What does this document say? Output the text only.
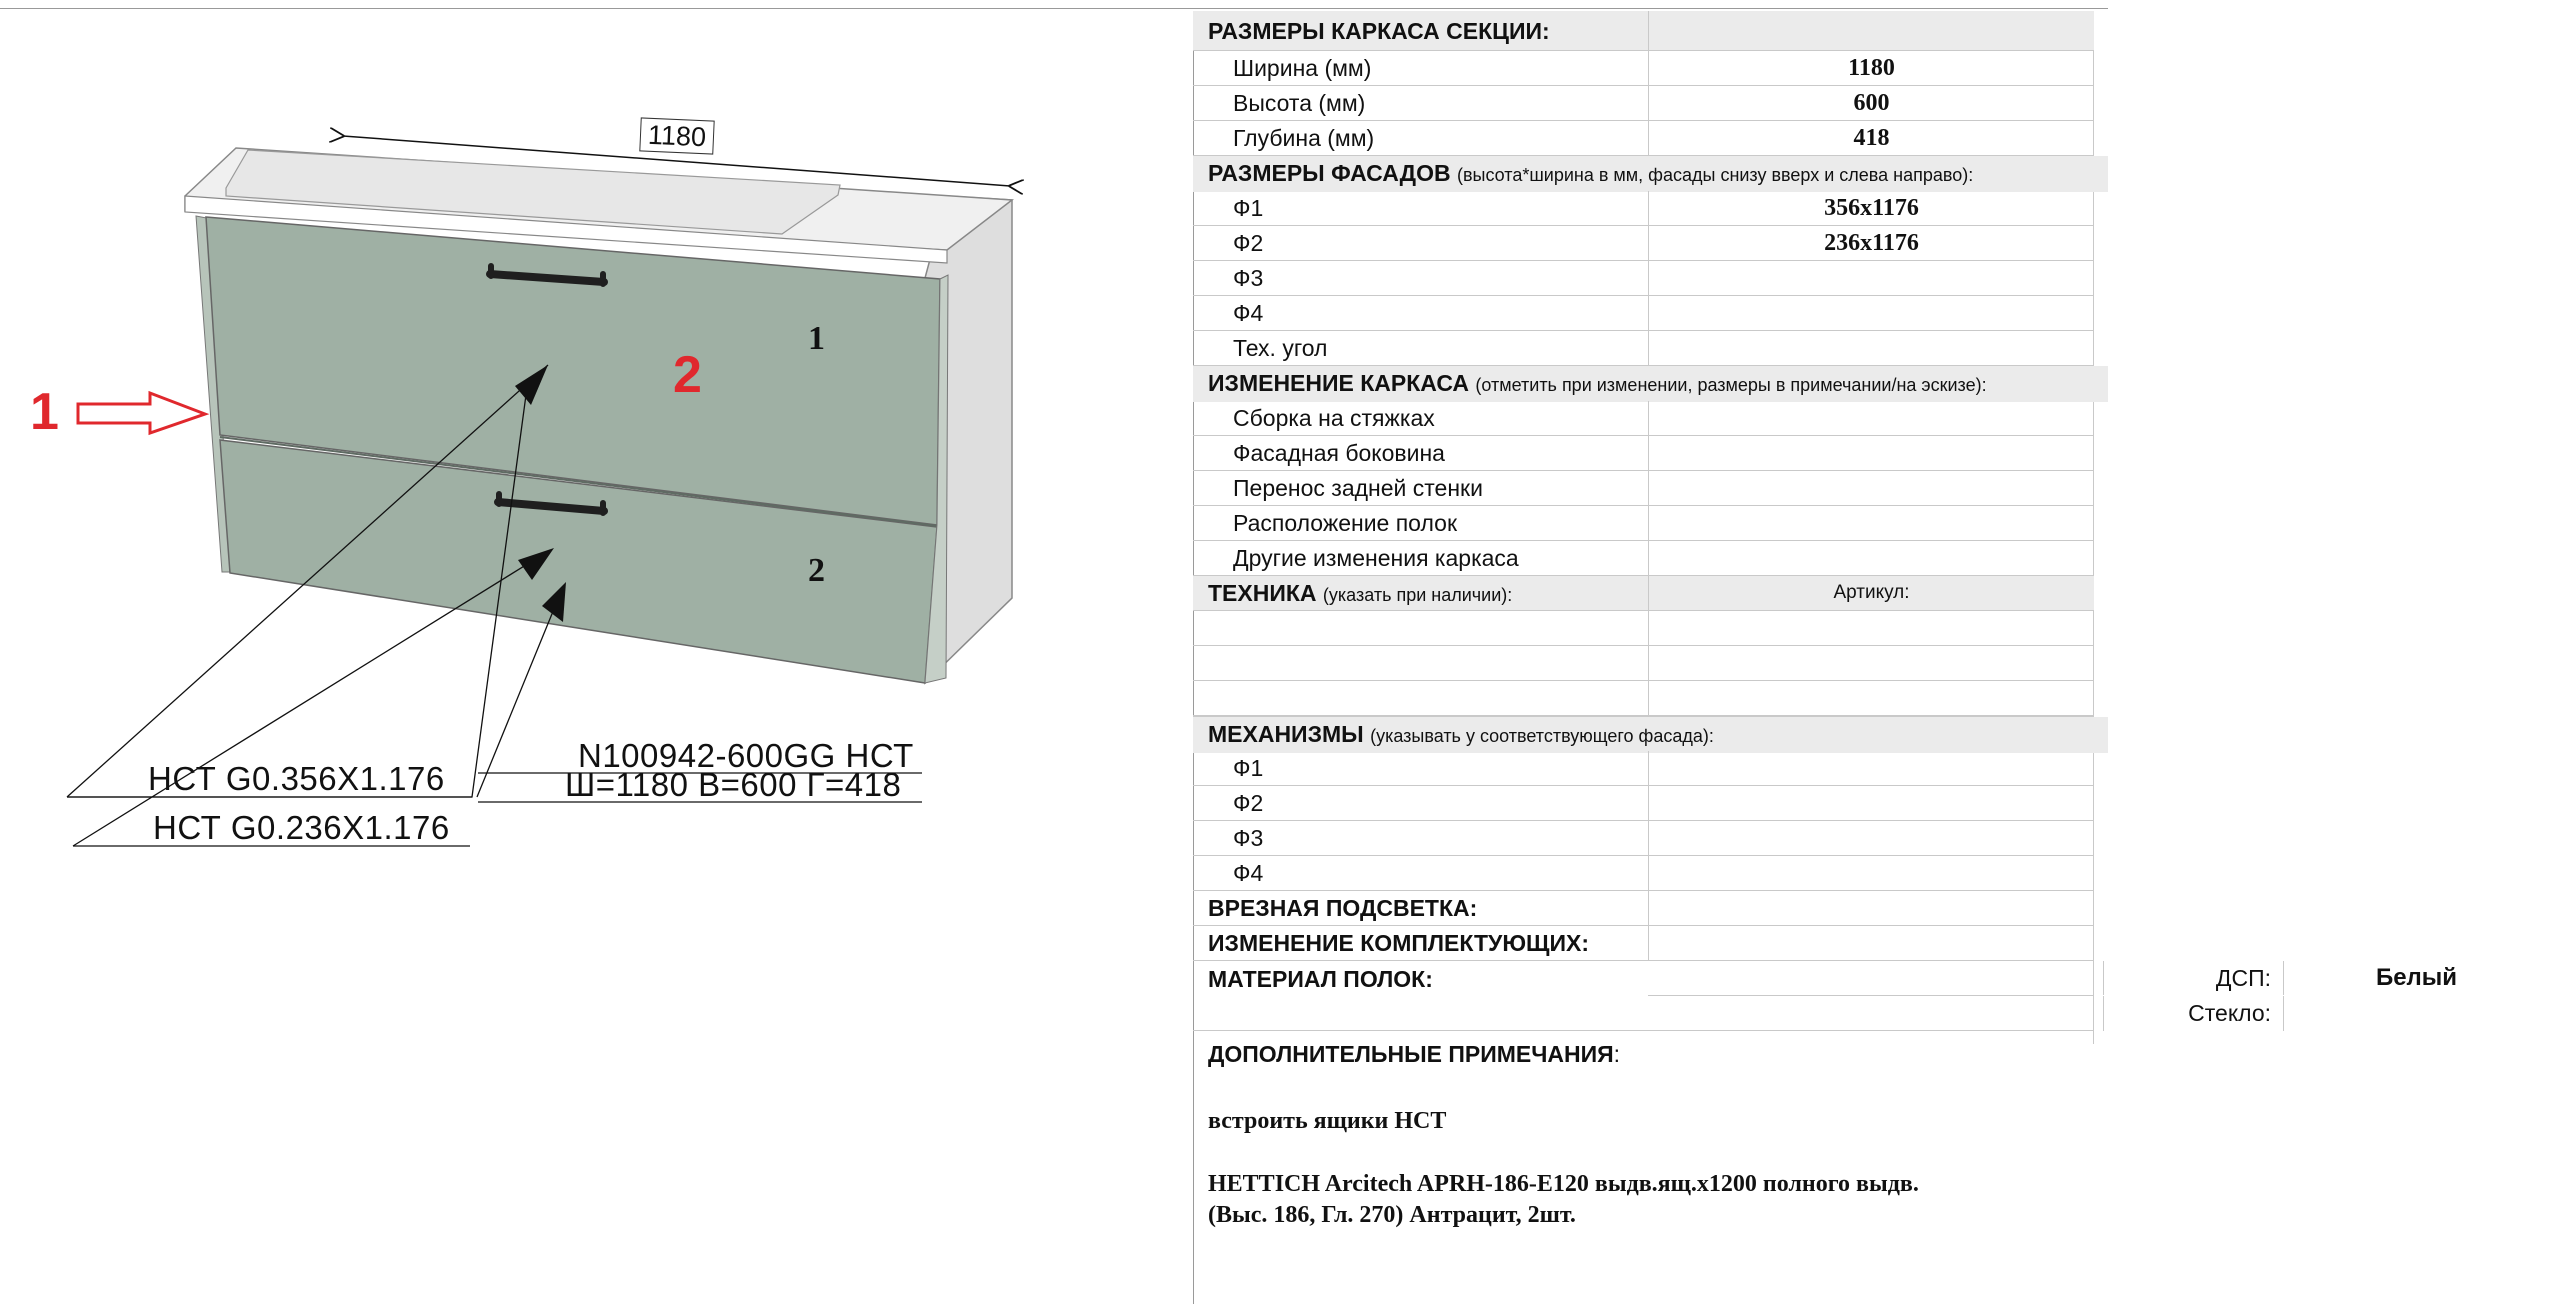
1180
1
2
1
2
НСТ G0.356X1.176
НСТ G0.236X1.176
N100942-600GG НСТ
Ш=1180 В=600 Г=418
РАЗМЕРЫ КАРКАСА СЕКЦИИ:
Ширина (мм)	1180
Высота (мм)	600
Глубина (мм)	418
РАЗМЕРЫ ФАСАДОВ (высота*ширина в мм, фасады снизу вверх и слева направо):
Ф1	356x1176
Ф2	236x1176
Ф3
Ф4
Тех. угол
ИЗМЕНЕНИЕ КАРКАСА (отметить при изменении, размеры в примечании/на эскизе):
Сборка на стяжках
Фасадная боковина
Перенос задней стенки
Расположение полок
Другие изменения каркаса
ТЕХНИКА (указать при наличии):	Артикул:
МЕХАНИЗМЫ (указывать у соответствующего фасада):
Ф1
Ф2
Ф3
Ф4
ВРЕЗНАЯ ПОДСВЕТКА:
ИЗМЕНЕНИЕ КОМПЛЕКТУЮЩИХ:
МАТЕРИАЛ ПОЛОК:	ДСП:	Белый
Стекло:
ДОПОЛНИТЕЛЬНЫЕ ПРИМЕЧАНИЯ:
встроить ящики НСТ
HETTICH Arcitech APRH-186-E120 выдв.ящ.x1200 полного выдв.
(Выс. 186, Гл. 270) Антрацит, 2шт.
